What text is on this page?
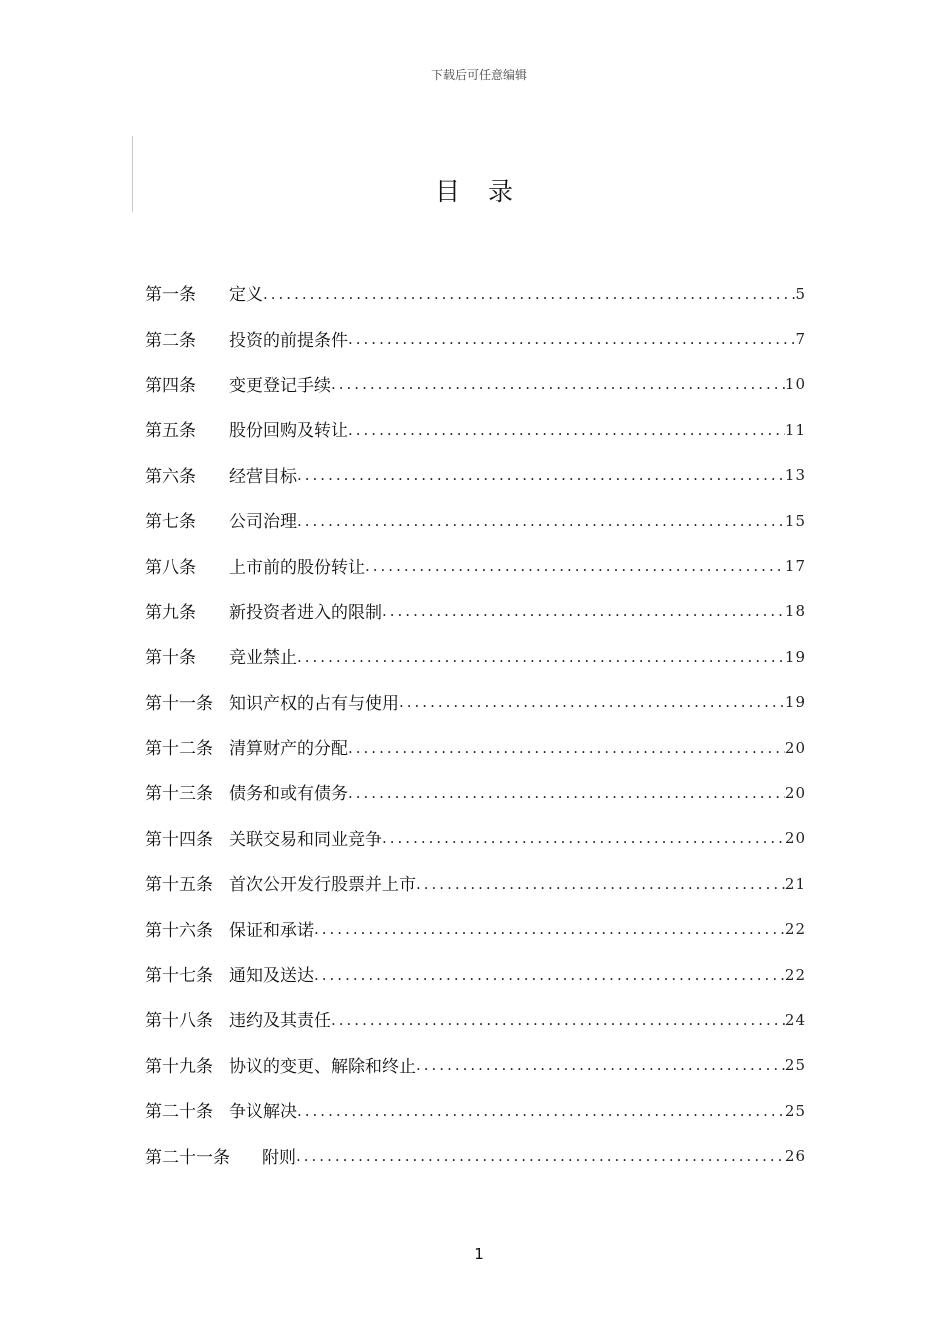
下载后可任意编辑
目 录
第一条	定义 .....	5
第二条	投资的前提条件 .....	7
第四条	变更登记手续 .....	10
第五条	股份回购及转让 .....	11
第六条	经营目标 .....	13
第七条	公司治理 .....	15
第八条	上市前的股份转让 .....	17
第九条	新投资者进入的限制 .....	18
第十条	竞业禁止 .....	19
第十一条 知识产权的占有与使用 .....	19
第十二条 清算财产的分配 .....	20
第十三条 债务和或有债务 .....	20
第十四条 关联交易和同业竞争 .....	20
第十五条 首次公开发行股票并上市 .....	21
第十六条 保证和承诺 .....	22
第十七条 通知及送达 .....	22
第十八条 违约及其责任 .....	24
第十九条 协议的变更、解除和终止 .....	25
第二十条 争议解决 .....	25
第二十一条	附则 .....	26
1
